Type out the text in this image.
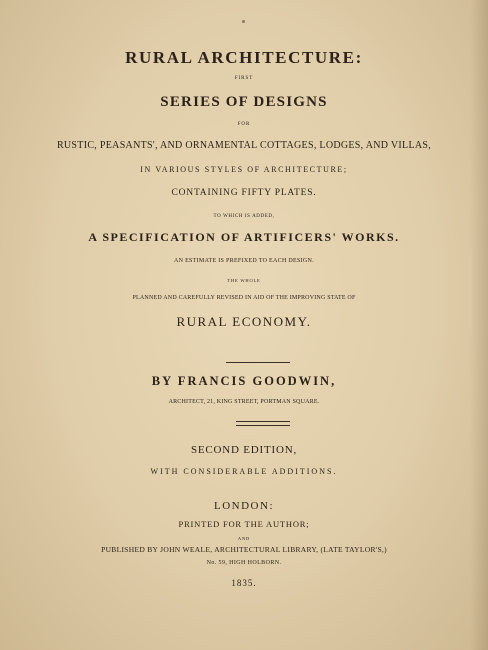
RURAL ARCHITECTURE:
FIRST
SERIES OF DESIGNS
FOR
RUSTIC, PEASANTS', AND ORNAMENTAL COTTAGES, LODGES, AND VILLAS,
IN VARIOUS STYLES OF ARCHITECTURE;
CONTAINING FIFTY PLATES.
TO WHICH IS ADDED,
A SPECIFICATION OF ARTIFICERS' WORKS.
AN ESTIMATE IS PREFIXED TO EACH DESIGN.
THE WHOLE
PLANNED AND CAREFULLY REVISED IN AID OF THE IMPROVING STATE OF
RURAL ECONOMY.
BY FRANCIS GOODWIN,
ARCHITECT, 21, KING STREET, PORTMAN SQUARE.
SECOND EDITION,
WITH CONSIDERABLE ADDITIONS.
LONDON:
PRINTED FOR THE AUTHOR;
AND
PUBLISHED BY JOHN WEALE, ARCHITECTURAL LIBRARY, (LATE TAYLOR'S,)
No. 59, HIGH HOLBORN.
1835.
